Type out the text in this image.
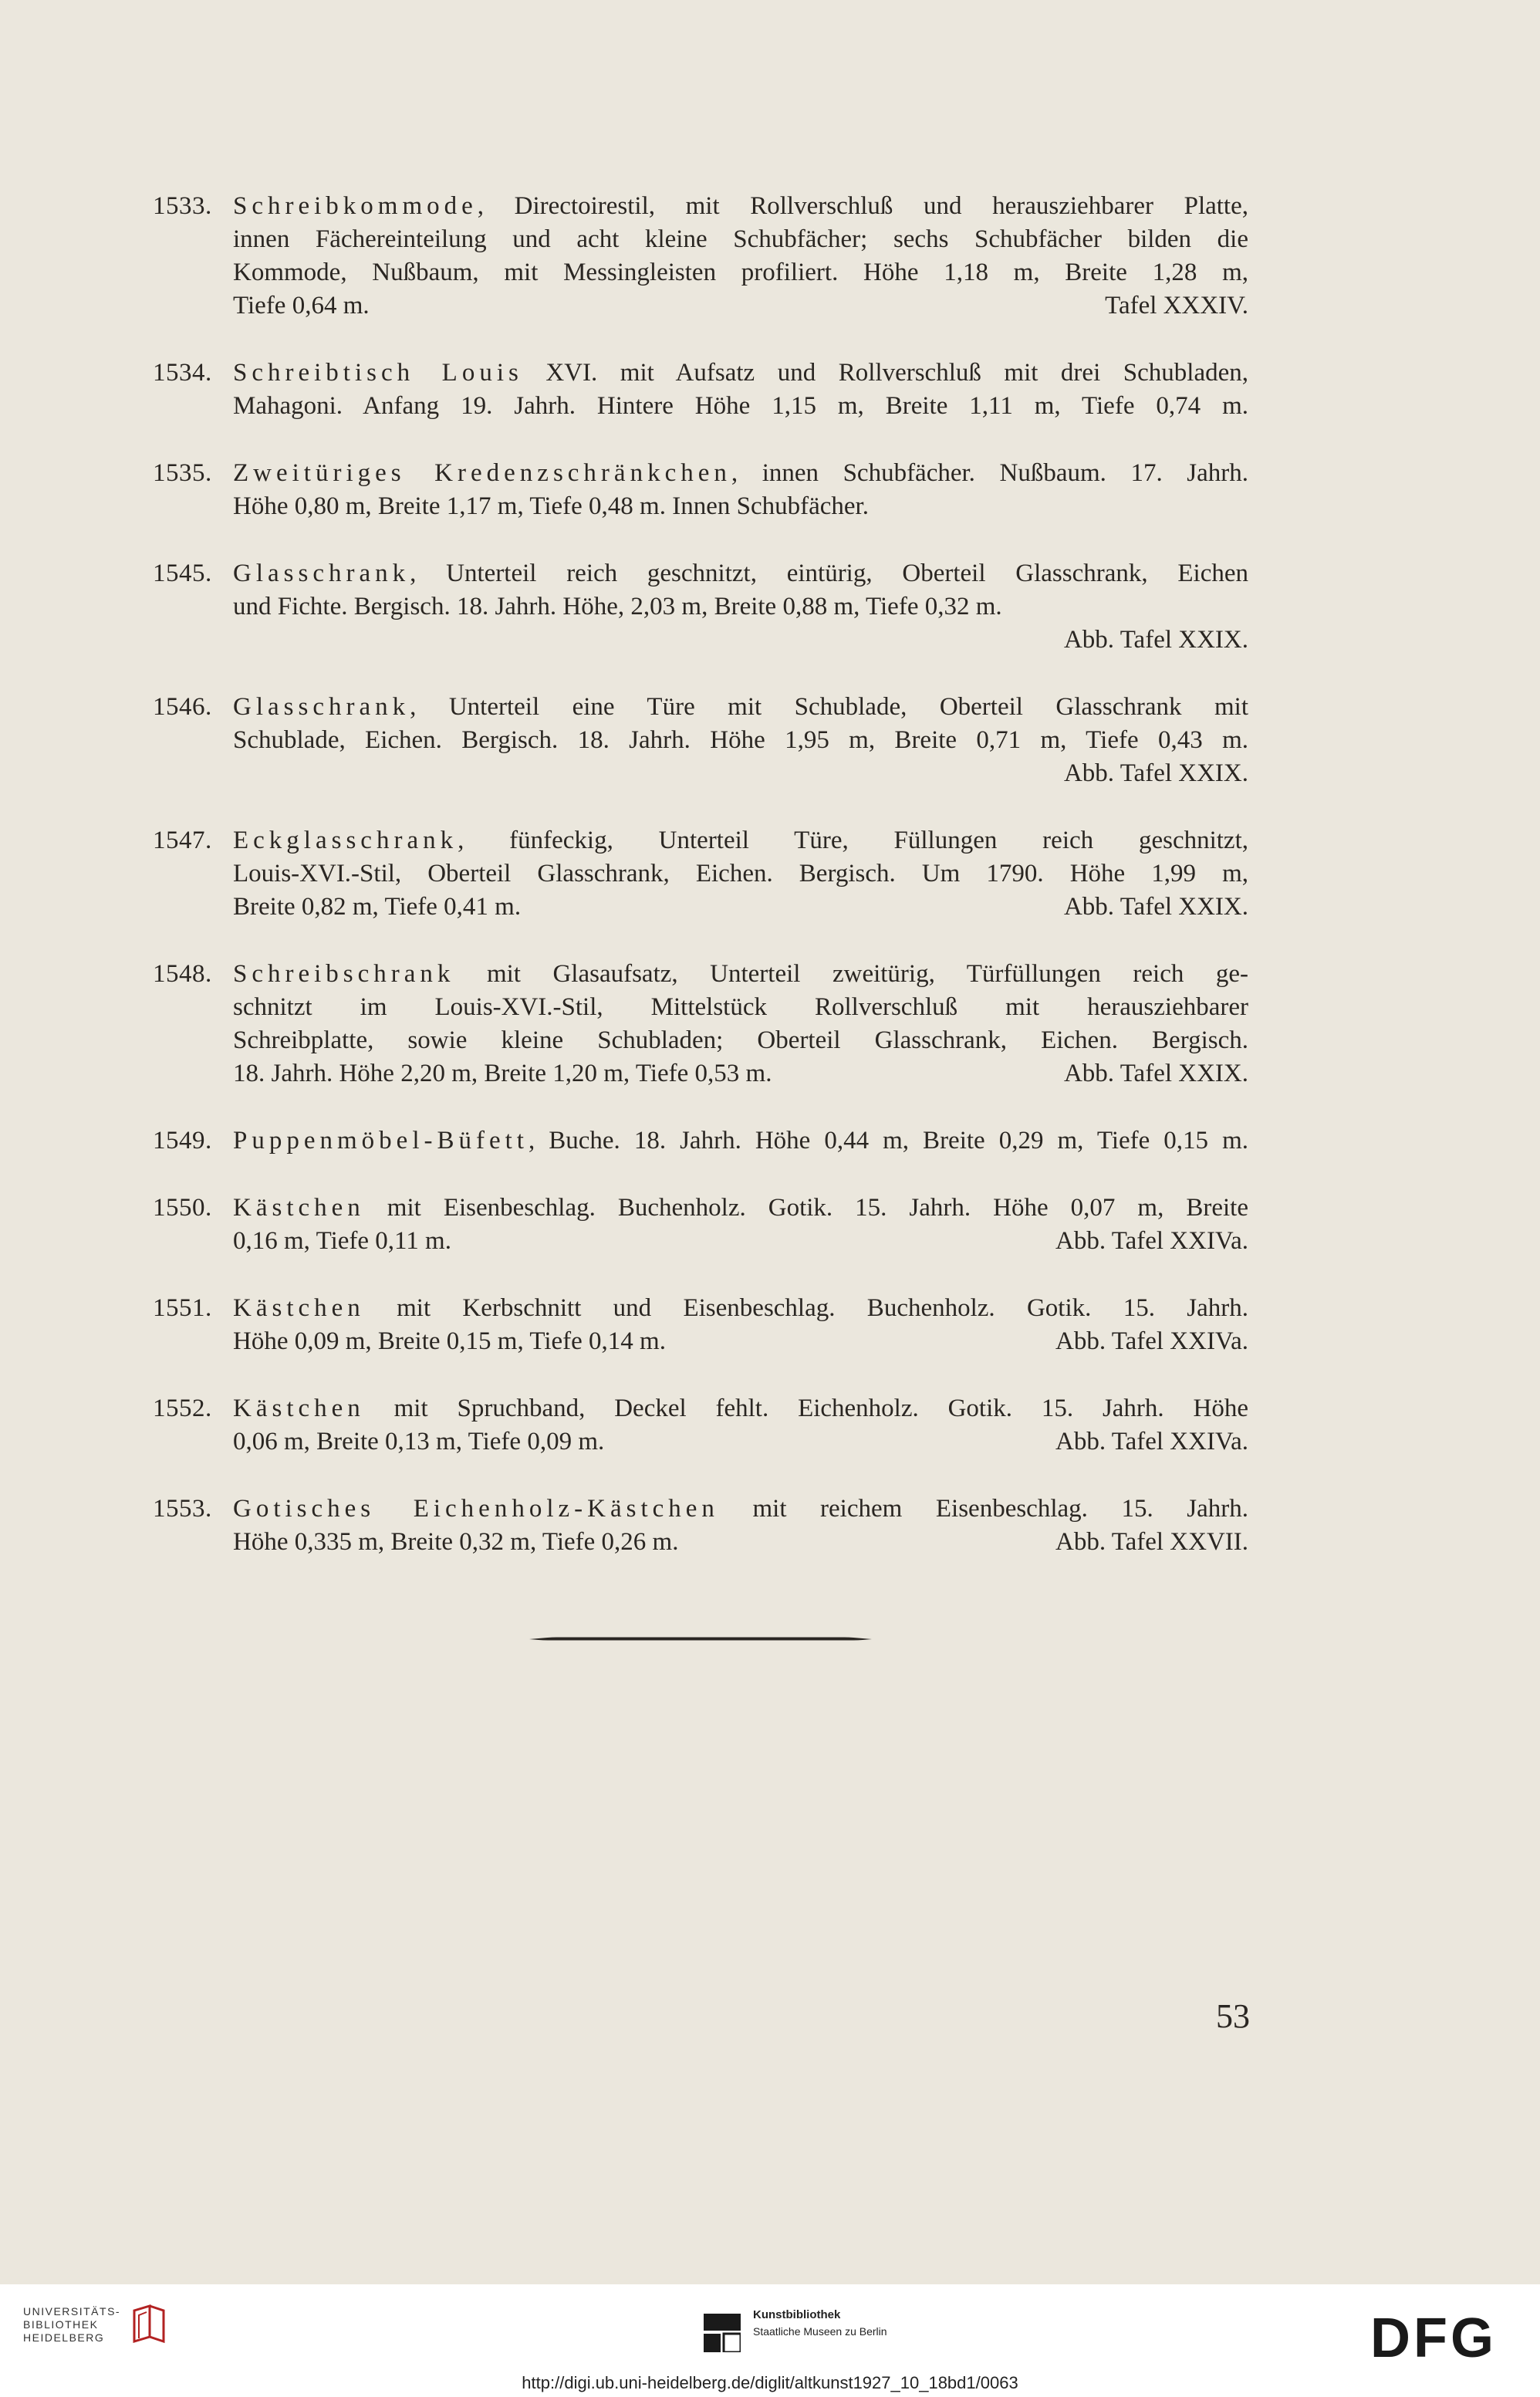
1533. Schreibkommode, Directoirestil, mit Rollverschluß und herausziehbarer Platte,
innen Fächereinteilung und acht kleine Schubfächer; sechs Schubfächer bilden die
Kommode, Nußbaum, mit Messingleisten profiliert. Höhe 1,18 m, Breite 1,28 m,
Tiefe 0,64 m.	Tafel XXXIV.
1534. Schreibtisch Louis XVI. mit Aufsatz und Rollverschluß mit drei Schubladen,
Mahagoni. Anfang 19. Jahrh. Hintere Höhe 1,15 m, Breite 1,11 m, Tiefe 0,74 m.
1535. Zweitüriges Kredenzschränkchen, innen Schubfächer. Nußbaum. 17. Jahrh.
Höhe 0,80 m, Breite 1,17 m, Tiefe 0,48 m. Innen Schubfächer.
1545. Glasschrank, Unterteil reich geschnitzt, eintürig, Oberteil Glasschrank, Eichen
und Fichte. Bergisch. 18. Jahrh. Höhe, 2,03 m, Breite 0,88 m, Tiefe 0,32 m.
Abb. Tafel XXIX.
1546. Glasschrank, Unterteil eine Türe mit Schublade, Oberteil Glasschrank mit
Schublade, Eichen. Bergisch. 18. Jahrh. Höhe 1,95 m, Breite 0,71 m, Tiefe 0,43 m.
Abb. Tafel XXIX.
1547. Eckglasschrank, fünfeckig, Unterteil Türe, Füllungen reich geschnitzt,
Louis-XVI.-Stil, Oberteil Glasschrank, Eichen. Bergisch. Um 1790. Höhe 1,99 m,
Breite 0,82 m, Tiefe 0,41 m.	Abb. Tafel XXIX.
1548. Schreibschrank mit Glasaufsatz, Unterteil zweitürig, Türfüllungen reich ge-
schnitzt im Louis-XVI.-Stil, Mittelstück Rollverschluß mit herausziehbarer
Schreibplatte, sowie kleine Schubladen; Oberteil Glasschrank, Eichen. Bergisch.
18. Jahrh. Höhe 2,20 m, Breite 1,20 m, Tiefe 0,53 m.	Abb. Tafel XXIX.
1549. Puppenmöbel-Büfett, Buche. 18. Jahrh. Höhe 0,44 m, Breite 0,29 m, Tiefe 0,15 m.
1550. Kästchen mit Eisenbeschlag. Buchenholz. Gotik. 15. Jahrh. Höhe 0,07 m, Breite
0,16 m, Tiefe 0,11 m.	Abb. Tafel XXIVa.
1551. Kästchen mit Kerbschnitt und Eisenbeschlag. Buchenholz. Gotik. 15. Jahrh.
Höhe 0,09 m, Breite 0,15 m, Tiefe 0,14 m.	Abb. Tafel XXIVa.
1552. Kästchen mit Spruchband, Deckel fehlt. Eichenholz. Gotik. 15. Jahrh. Höhe
0,06 m, Breite 0,13 m, Tiefe 0,09 m.	Abb. Tafel XXIVa.
1553. Gotisches Eichenholz-Kästchen mit reichem Eisenbeschlag. 15. Jahrh.
Höhe 0,335 m, Breite 0,32 m, Tiefe 0,26 m.	Abb. Tafel XXVII.
53
UNIVERSITÄTS-
BIBLIOTHEK
HEIDELBERG
Kunstbibliothek
Staatliche Museen zu Berlin	DFG
http://digi.ub.uni-heidelberg.de/diglit/altkunst1927_10_18bd1/0063
